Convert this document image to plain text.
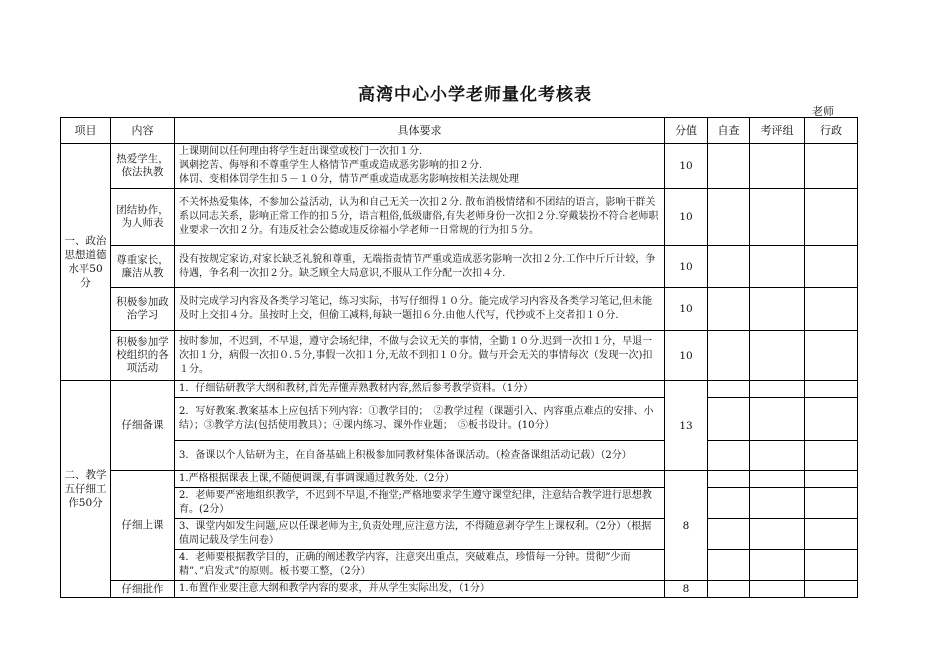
高湾中心小学老师量化考核表
老师
项目	内容	具体要求	分值	自查	考评组	行政
一、政治思想道德水平50分	热爱学生，依法执教	上课期间以任何理由将学生赶出课堂或校门一次扣１分.
讽刺挖苦、侮辱和不尊重学生人格情节严重或造成恶劣影响的扣２分.
体罚、变相体罚学生扣５－１０分，情节严重或造成恶劣影响按相关法规处理	10			
	团结协作，为人师表	不关怀热爱集体，不参加公益活动，认为和自己无关一次扣２分. 散布消极情绪和不团结的语言，影响干群关系以同志关系，影响正常工作的扣５分，语言粗俗,低级庸俗,有失老师身份一次扣２分.穿戴装扮不符合老师职业要求一次扣２分。有违反社会公德或违反徐福小学老师一日常规的行为扣５分。	10			
	尊重家长，廉洁从教	没有按规定家访,对家长缺乏礼貌和尊重，无端指责情节严重或造成恶劣影响一次扣２分.工作中斤斤计较，争待遇，争名利一次扣２分。缺乏顾全大局意识,不服从工作分配一次扣４分.	10			
	积极参加政治学习	及时完成学习内容及各类学习笔记，练习实际，书写仔细得１０分。能完成学习内容及各类学习笔记,但未能及时上交扣４分。虽按时上交，但偷工减料,每缺一题扣６分.由他人代写，代抄或不上交者扣１０分.	10			
	积极参加学校组织的各项活动	按时参加，不迟到，不早退，遵守会场纪律，不做与会议无关的事情，全勤１０分.迟到一次扣１分，早退一次扣１分，病假一次扣０.５分,事假一次扣１分,无故不到扣１０分。做与开会无关的事情每次（发现一次)扣１分。	10			
二、教学五仔细工作50分	仔细备课	1．仔细钻研教学大纲和教材,首先弄懂弄熟教材内容,然后参考教学资料。（1分）	13			
		2．写好教案.教案基本上应包括下列内容：①教学目的；　②教学过程（课题引入、内容重点难点的安排、小结）；③教学方法(包括使用教具）；④课内练习、课外作业题；　⑤板书设计。(10分）				
		3．备课以个人钻研为主，在自备基础上积极参加同教材集体备课活动。（检查备课组活动记载）（2分）				
	仔细上课	1.严格根据课表上课,不随便调课,有事调课通过教务处.（2分）	8			
		2．老师要严密地组织教学，不迟到不早退,不拖堂;严格地要求学生遵守课堂纪律，注意结合教学进行思想教育。(2分）				
		3、课堂内如发生问题,应以任课老师为主,负责处理,应注意方法，不得随意剥夺学生上课权利。（2分）（根据值周记载及学生问卷）				
		4．老师要根据教学目的，正确的阐述教学内容，注意突出重点，突破难点，珍惜每一分钟。贯彻”少而精”、”启发式”的原则。板书要工整，（2分）				
	仔细批作	1.布置作业要注意大纲和教学内容的要求，并从学生实际出发，（1分）	8			
